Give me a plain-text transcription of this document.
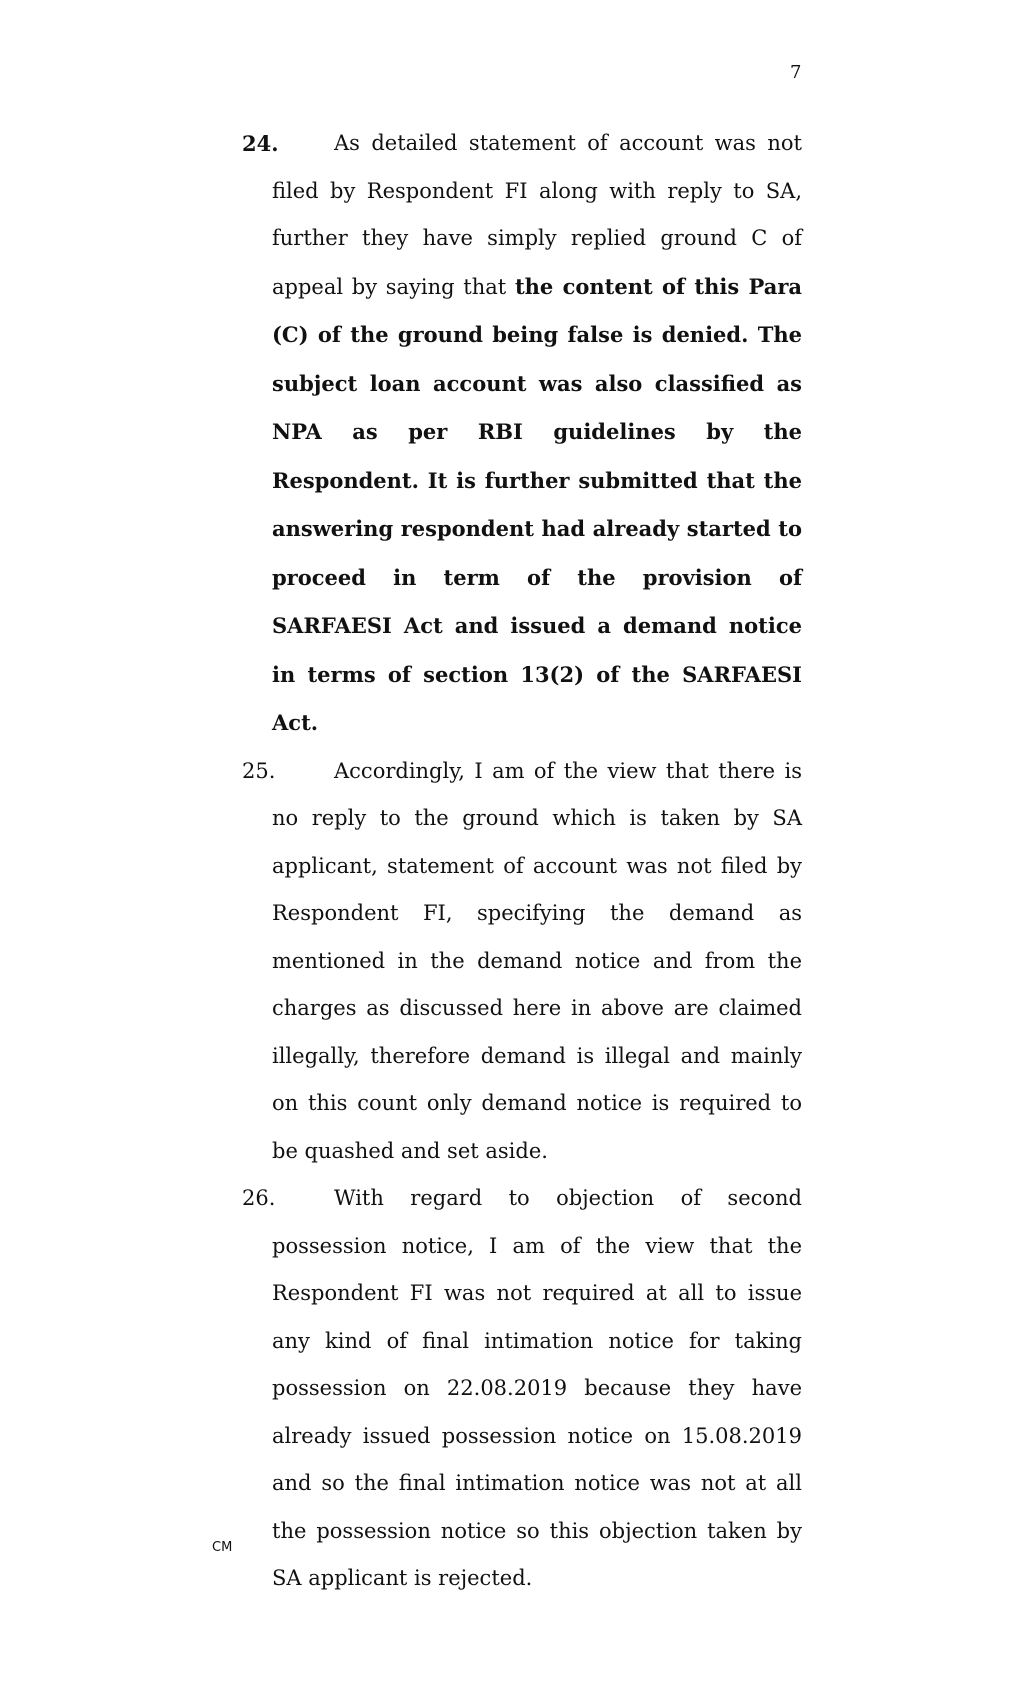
7

24.	As detailed statement of account was not filed by Respondent FI along with reply to SA, further they have simply replied ground C of appeal by saying that the content of this Para (C) of the ground being false is denied. The subject loan account was also classified as NPA as per RBI guidelines by the Respondent. It is further submitted that the answering respondent had already started to proceed in term of the provision of SARFAESI Act and issued a demand notice in terms of section 13(2) of the SARFAESI Act.

25.	Accordingly, I am of the view that there is no reply to the ground which is taken by SA applicant, statement of account was not filed by Respondent FI, specifying the demand as mentioned in the demand notice and from the charges as discussed here in above are claimed illegally, therefore demand is illegal and mainly on this count only demand notice is required to be quashed and set aside.

26.	With regard to objection of second possession notice, I am of the view that the Respondent FI was not required at all to issue any kind of final intimation notice for taking possession on 22.08.2019 because they have already issued possession notice on 15.08.2019 and so the final intimation notice was not at all the possession notice so this objection taken by SA applicant is rejected.

CM
